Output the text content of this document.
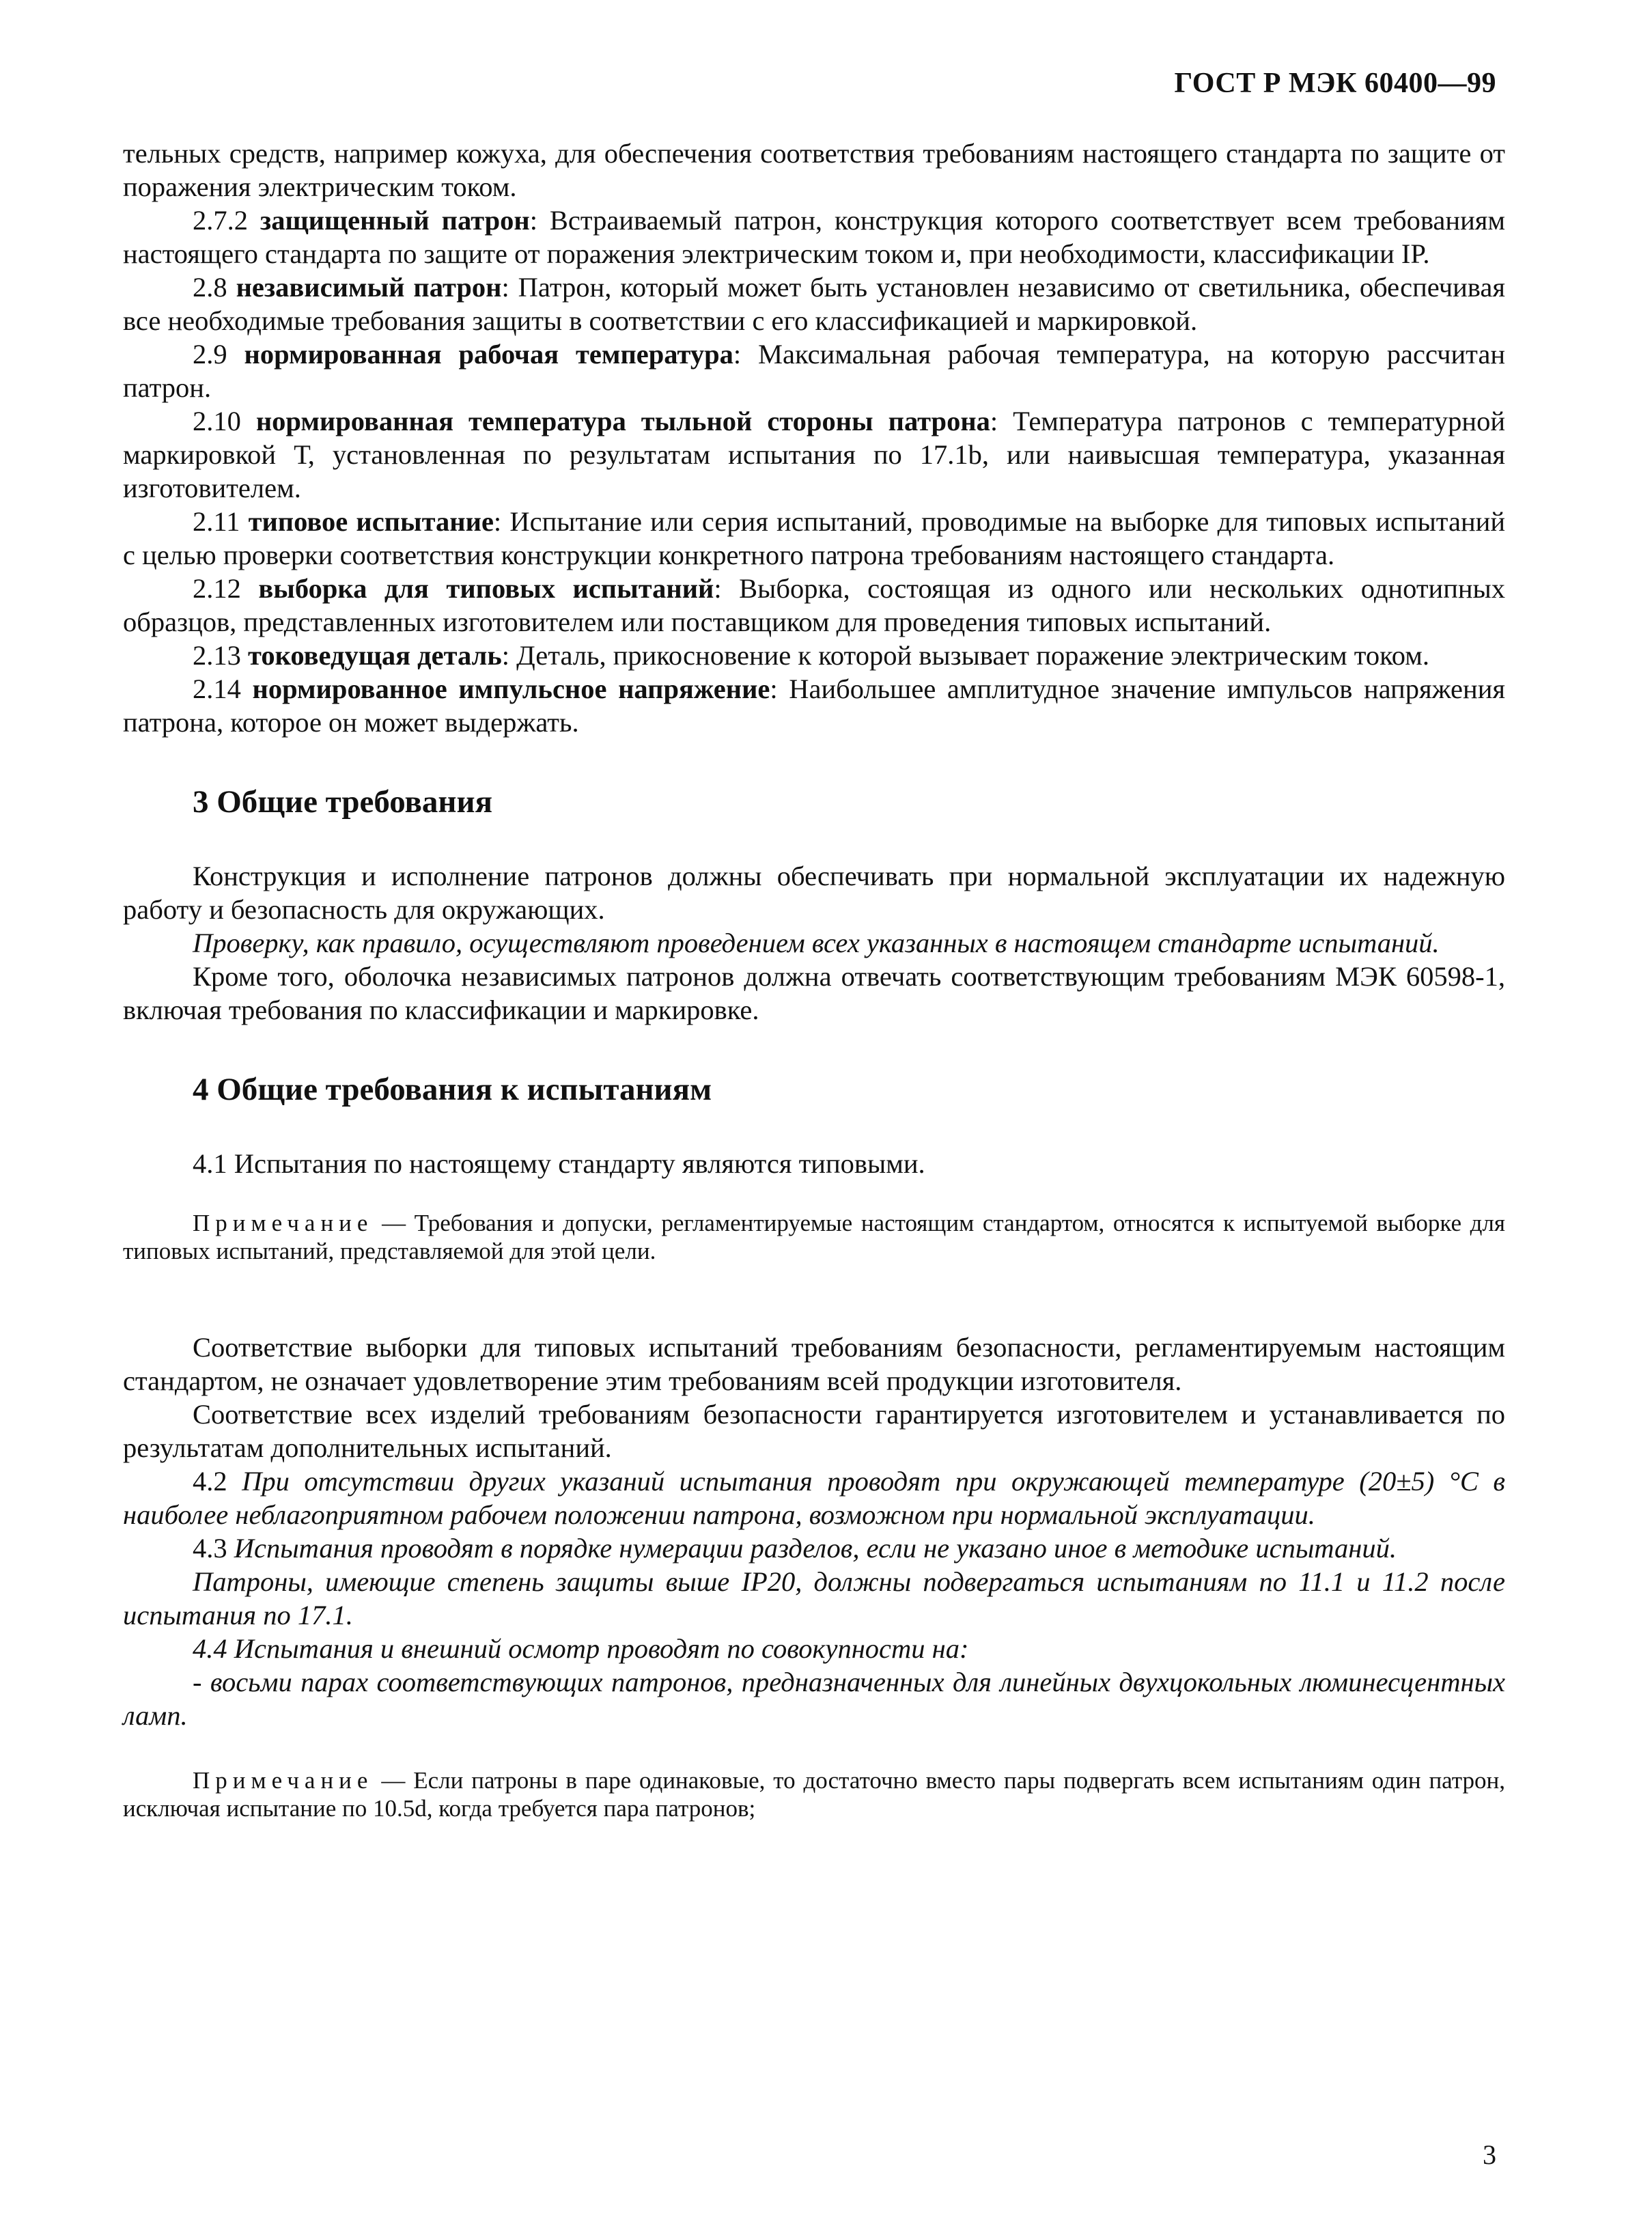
ГОСТ Р МЭК 60400—99

тельных средств, например кожуха, для обеспечения соответствия требованиям настоящего стандарта по защите от поражения электрическим током.

2.7.2 защищенный патрон: Встраиваемый патрон, конструкция которого соответствует всем требованиям настоящего стандарта по защите от поражения электрическим током и, при необходимости, классификации IP.

2.8 независимый патрон: Патрон, который может быть установлен независимо от светильника, обеспечивая все необходимые требования защиты в соответствии с его классификацией и маркировкой.

2.9 нормированная рабочая температура: Максимальная рабочая температура, на которую рассчитан патрон.

2.10 нормированная температура тыльной стороны патрона: Температура патронов с температурной маркировкой Т, установленная по результатам испытания по 17.1b, или наивысшая температура, указанная изготовителем.

2.11 типовое испытание: Испытание или серия испытаний, проводимые на выборке для типовых испытаний с целью проверки соответствия конструкции конкретного патрона требованиям настоящего стандарта.

2.12 выборка для типовых испытаний: Выборка, состоящая из одного или нескольких однотипных образцов, представленных изготовителем или поставщиком для проведения типовых испытаний.

2.13 токоведущая деталь: Деталь, прикосновение к которой вызывает поражение электрическим током.

2.14 нормированное импульсное напряжение: Наибольшее амплитудное значение импульсов напряжения патрона, которое он может выдержать.

3 Общие требования

Конструкция и исполнение патронов должны обеспечивать при нормальной эксплуатации их надежную работу и безопасность для окружающих.

Проверку, как правило, осуществляют проведением всех указанных в настоящем стандарте испытаний.

Кроме того, оболочка независимых патронов должна отвечать соответствующим требованиям МЭК 60598-1, включая требования по классификации и маркировке.

4 Общие требования к испытаниям

4.1 Испытания по настоящему стандарту являются типовыми.

Примечание — Требования и допуски, регламентируемые настоящим стандартом, относятся к испытуемой выборке для типовых испытаний, представляемой для этой цели.

Соответствие выборки для типовых испытаний требованиям безопасности, регламентируемым настоящим стандартом, не означает удовлетворение этим требованиям всей продукции изготовителя.

Соответствие всех изделий требованиям безопасности гарантируется изготовителем и устанавливается по результатам дополнительных испытаний.

4.2 При отсутствии других указаний испытания проводят при окружающей температуре (20±5) °С в наиболее неблагоприятном рабочем положении патрона, возможном при нормальной эксплуатации.

4.3 Испытания проводят в порядке нумерации разделов, если не указано иное в методике испытаний.

Патроны, имеющие степень защиты выше IP20, должны подвергаться испытаниям по 11.1 и 11.2 после испытания по 17.1.

4.4 Испытания и внешний осмотр проводят по совокупности на:

- восьми парах соответствующих патронов, предназначенных для линейных двухцокольных люминесцентных ламп.

Примечание — Если патроны в паре одинаковые, то достаточно вместо пары подвергать всем испытаниям один патрон, исключая испытание по 10.5d, когда требуется пара патронов;

3
